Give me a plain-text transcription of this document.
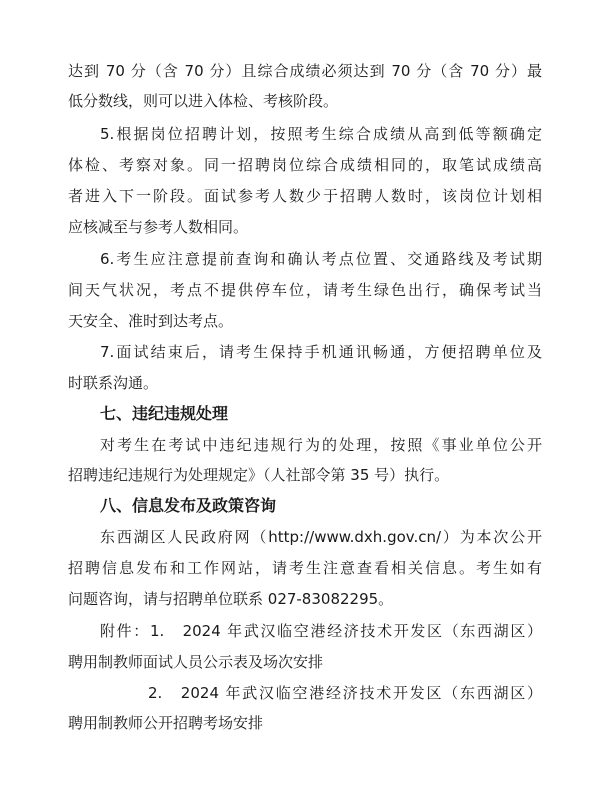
达到 70 分（含 70 分）且综合成绩必须达到 70 分（含 70 分）最
低分数线，则可以进入体检、考核阶段。
5.根据岗位招聘计划，按照考生综合成绩从高到低等额确定
体检、考察对象。同一招聘岗位综合成绩相同的，取笔试成绩高
者进入下一阶段。面试参考人数少于招聘人数时，该岗位计划相
应核减至与参考人数相同。
6.考生应注意提前查询和确认考点位置、交通路线及考试期
间天气状况，考点不提供停车位，请考生绿色出行，确保考试当
天安全、准时到达考点。
7.面试结束后，请考生保持手机通讯畅通，方便招聘单位及
时联系沟通。
七、违纪违规处理
对考生在考试中违纪违规行为的处理，按照《事业单位公开
招聘违纪违规行为处理规定》（人社部令第 35 号）执行。
八、信息发布及政策咨询
东西湖区人民政府网（http://www.dxh.gov.cn/）为本次公开
招聘信息发布和工作网站，请考生注意查看相关信息。考生如有
问题咨询，请与招聘单位联系 027-83082295。
附件：1.　2024 年武汉临空港经济技术开发区（东西湖区）
聘用制教师面试人员公示表及场次安排
2.　2024 年武汉临空港经济技术开发区（东西湖区）
聘用制教师公开招聘考场安排
